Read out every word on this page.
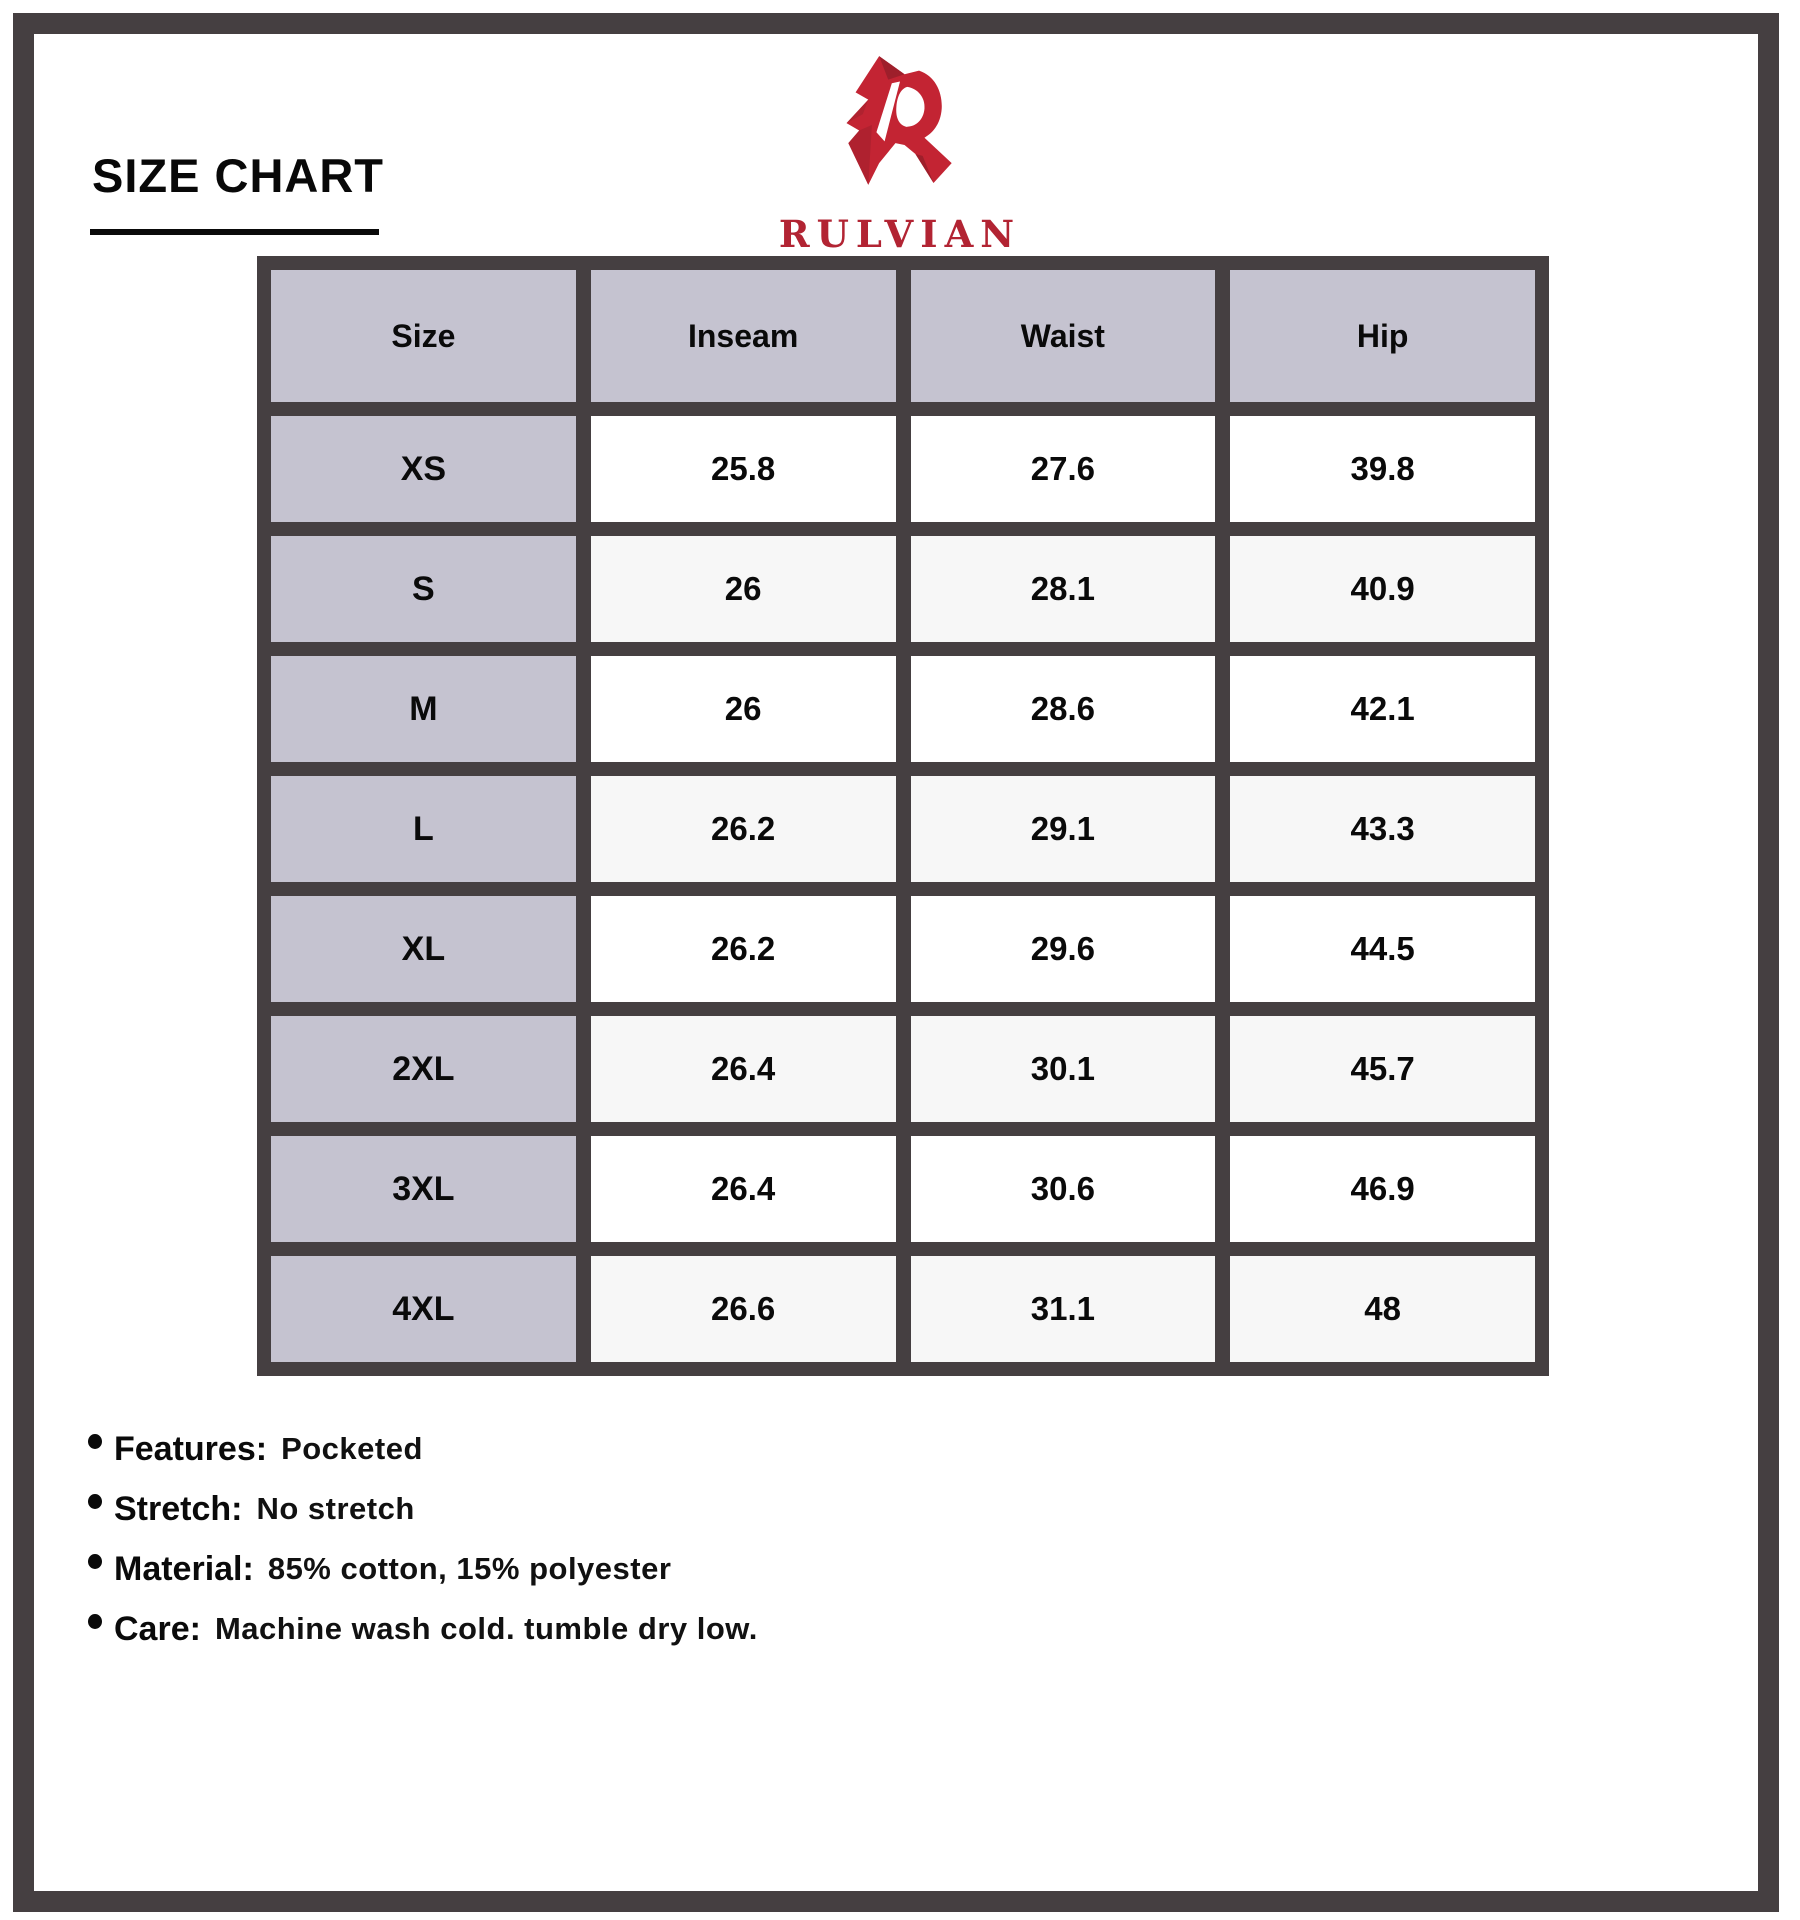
SIZE CHART
RULVIAN
Size	Inseam	Waist	Hip
XS	25.8	27.6	39.8
S	26	28.1	40.9
M	26	28.6	42.1
L	26.2	29.1	43.3
XL	26.2	29.6	44.5
2XL	26.4	30.1	45.7
3XL	26.4	30.6	46.9
4XL	26.6	31.1	48
Features: Pocketed
Stretch: No stretch
Material: 85% cotton, 15% polyester
Care: Machine wash cold. tumble dry low.
